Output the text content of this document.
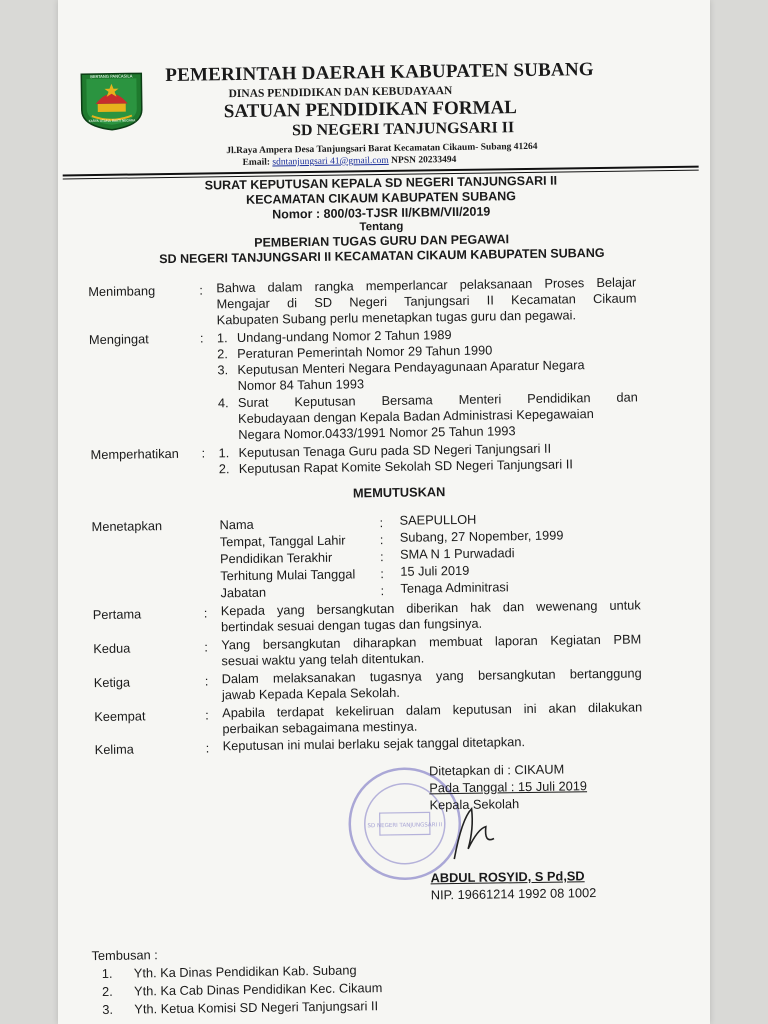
BERTANG PANCASILA
KARYA UTAMA BAKTI NEGARA
PEMERINTAH DAERAH KABUPATEN SUBANG
DINAS PENDIDIKAN DAN KEBUDAYAAN
SATUAN PENDIDIKAN FORMAL
SD NEGERI TANJUNGSARI II
Jl.Raya Ampera Desa Tanjungsari Barat Kecamatan Cikaum- Subang 41264
Email: sdntanjungsari 41@gmail.com NPSN 20233494
SURAT KEPUTUSAN KEPALA SD NEGERI TANJUNGSARI II
KECAMATAN CIKAUM KABUPATEN SUBANG
Nomor : 800/03-TJSR II/KBM/VII/2019
Tentang
PEMBERIAN TUGAS GURU DAN PEGAWAI
SD NEGERI TANJUNGSARI II KECAMATAN CIKAUM KABUPATEN SUBANG
Menimbang	: Bahwa dalam rangka memperlancar pelaksanaan Proses Belajar
Mengajar di SD Negeri Tanjungsari II Kecamatan Cikaum
Kabupaten Subang perlu menetapkan tugas guru dan pegawai.
Mengingat	: 1. Undang-undang Nomor 2 Tahun 1989
2. Peraturan Pemerintah Nomor 29 Tahun 1990
3. Keputusan Menteri Negara Pendayagunaan Aparatur Negara
Nomor 84 Tahun 1993
4. Surat Keputusan Bersama Menteri Pendidikan dan
Kebudayaan dengan Kepala Badan Administrasi Kepegawaian
Negara Nomor.0433/1991 Nomor 25 Tahun 1993
Memperhatikan : 1. Keputusan Tenaga Guru pada SD Negeri Tanjungsari II
2. Keputusan Rapat Komite Sekolah SD Negeri Tanjungsari II
MEMUTUSKAN
Menetapkan	Nama	: SAEPULLOH
Tempat, Tanggal Lahir	: Subang, 27 Nopember, 1999
Pendidikan Terakhir	: SMA N 1 Purwadadi
Terhitung Mulai Tanggal : 15 Juli 2019
Jabatan	: Tenaga Adminitrasi
Pertama	: Kepada yang bersangkutan diberikan hak dan wewenang untuk
bertindak sesuai dengan tugas dan fungsinya.
Kedua	: Yang bersangkutan diharapkan membuat laporan Kegiatan PBM
sesuai waktu yang telah ditentukan.
Ketiga	: Dalam melaksanakan tugasnya yang bersangkutan bertanggung
jawab Kepada Kepala Sekolah.
Keempat	: Apabila terdapat kekeliruan dalam keputusan ini akan dilakukan
perbaikan sebagaimana mestinya.
Kelima	: Keputusan ini mulai berlaku sejak tanggal ditetapkan.
SD NEGERI TANJUNGSARI II
Ditetapkan di : CIKAUM
Pada Tanggal : 15 Juli 2019
Kepala Sekolah
ABDUL ROSYID, S Pd,SD
NIP. 19661214 1992 08 1002
Tembusan :
1. Yth. Ka Dinas Pendidikan Kab. Subang
2. Yth. Ka Cab Dinas Pendidikan Kec. Cikaum
3. Yth. Ketua Komisi SD Negeri Tanjungsari II
